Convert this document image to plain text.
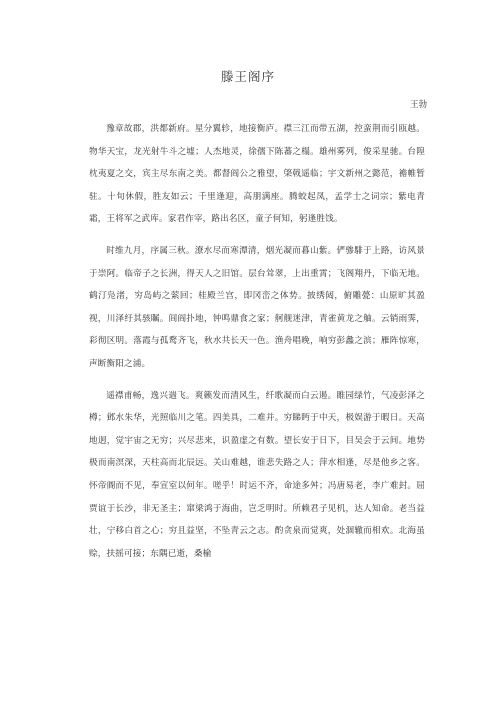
滕王阁序
王勃

豫章故郡，洪都新府。星分翼轸，地接衡庐。襟三江而带五湖，控蛮荆而引瓯越。物华天宝，龙光射牛斗之墟；人杰地灵，徐孺下陈蕃之榻。雄州雾列，俊采星驰。台隍枕夷夏之交，宾主尽东南之美。都督阎公之雅望，棨戟遥临；宇文新州之懿范，襜帷暂驻。十旬休假，胜友如云；千里逢迎，高朋满座。腾蛟起凤，孟学士之词宗；紫电青霜，王将军之武库。家君作宰，路出名区，童子何知，躬逢胜饯。

时维九月，序属三秋。潦水尽而寒潭清，烟光凝而暮山紫。俨骖騑于上路，访风景于崇阿。临帝子之长洲，得天人之旧馆。层台耸翠，上出重霄；飞阁翔丹，下临无地。鹤汀凫渚，穷岛屿之萦回；桂殿兰宫，即冈峦之体势。披绣闼，俯雕甍：山原旷其盈视，川泽纡其骇瞩。闾阎扑地，钟鸣鼎食之家；舸舰迷津，青雀黄龙之舳。云销雨霁，彩彻区明。落霞与孤鹜齐飞，秋水共长天一色。渔舟唱晚，响穷彭蠡之滨；雁阵惊寒，声断衡阳之浦。

遥襟甫畅，逸兴遄飞。爽籁发而清风生，纤歌凝而白云遏。睢园绿竹，气凌彭泽之樽；邺水朱华，光照临川之笔。四美具，二难并。穷睇眄于中天，极娱游于暇日。天高地迥，觉宇宙之无穷；兴尽悲来，识盈虚之有数。望长安于日下，目吴会于云间。地势极而南溟深，天柱高而北辰远。关山难越，谁悲失路之人；萍水相逢，尽是他乡之客。怀帝阍而不见，奉宣室以何年。嗟乎！时运不齐，命途多舛；冯唐易老，李广难封。屈贾谊于长沙，非无圣主；窜梁鸿于海曲，岂乏明时。所赖君子见机，达人知命。老当益壮，宁移白首之心；穷且益坚，不坠青云之志。酌贪泉而觉爽，处涸辙而相欢。北海虽赊，扶摇可接；东隅已逝，桑榆
